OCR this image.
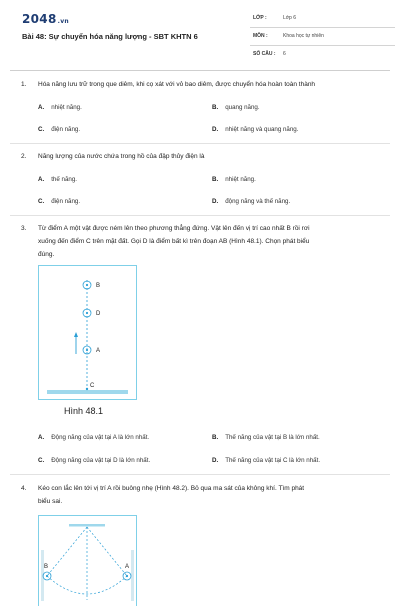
2048.vn
Bài 48: Sự chuyển hóa năng lượng - SBT KHTN 6
LỚP :	Lớp 6
MÔN :	Khoa học tự nhiên
SỐ CÂU : 6
1. Hóa năng lưu trữ trong que diêm, khi cọ xát với vỏ bao diêm, được chuyển hóa hoàn toàn thành
A. nhiệt năng.	B. quang năng.
C. điện năng.	D. nhiệt năng và quang năng.
2. Năng lượng của nước chứa trong hồ của đập thủy điện là
A. thế năng.	B. nhiệt năng.
C. điện năng.	D. động năng và thế năng.
3. Từ điểm A một vật được ném lên theo phương thẳng đứng. Vật lên đến vị trí cao nhất B rồi rơi
xuống đến điểm C trên mặt đất. Gọi D là điểm bất kì trên đoạn AB (Hình 48.1). Chọn phát biểu
đúng.
B
D
A
C
Hình 48.1
A. Động năng của vật tại A là lớn nhất.	B. Thế năng của vật tại B là lớn nhất.
C. Động năng của vật tại D là lớn nhất.	D. Thế năng của vật tại C là lớn nhất.
4. Kéo con lắc lên tới vị trí A rồi buông nhẹ (Hình 48.2). Bỏ qua ma sát của không khí. Tìm phát
biểu sai.
B	A
